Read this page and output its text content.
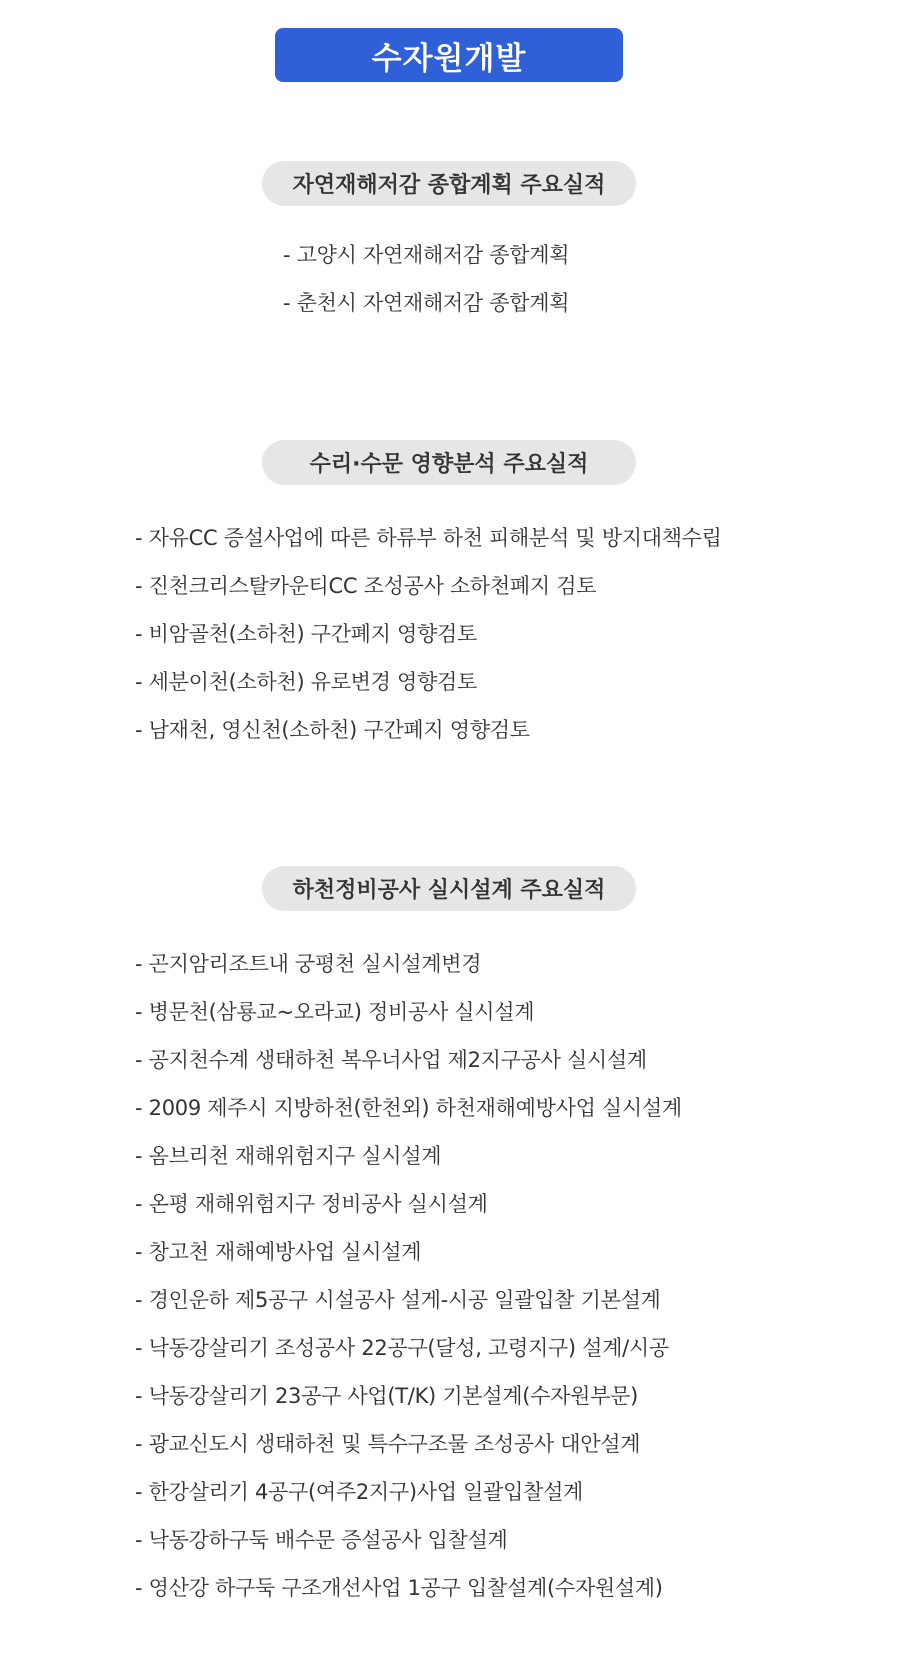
수자원개발
자연재해저감 종합계획 주요실적
- 고양시 자연재해저감 종합계획
- 춘천시 자연재해저감 종합계획
수리·수문 영향분석 주요실적
- 자유CC 증설사업에 따른 하류부 하천 피해분석 및 방지대책수립
- 진천크리스탈카운티CC 조성공사 소하천폐지 검토
- 비암골천(소하천) 구간폐지 영향검토
- 세분이천(소하천) 유로변경 영향검토
- 남재천, 영신천(소하천) 구간폐지 영향검토
하천정비공사 실시설계 주요실적
- 곤지암리조트내 궁평천 실시설계변경
- 병문천(삼룡교~오라교) 정비공사 실시설계
- 공지천수계 생태하천 복우너사업 제2지구공사 실시설계
- 2009 제주시 지방하천(한천외) 하천재해예방사업 실시설계
- 옴브리천 재해위험지구 실시설계
- 온평 재해위험지구 정비공사 실시설계
- 창고천 재해예방사업 실시설계
- 경인운하 제5공구 시설공사 설게-시공 일괄입찰 기본설계
- 낙동강살리기 조성공사 22공구(달성, 고령지구) 설계/시공
- 낙동강살리기 23공구 사업(T/K) 기본설계(수자원부문)
- 광교신도시 생태하천 및 특수구조물 조성공사 대안설계
- 한강살리기 4공구(여주2지구)사업 일괄입찰설계
- 낙동강하구둑 배수문 증설공사 입찰설계
- 영산강 하구둑 구조개선사업 1공구 입찰설계(수자원설계)
